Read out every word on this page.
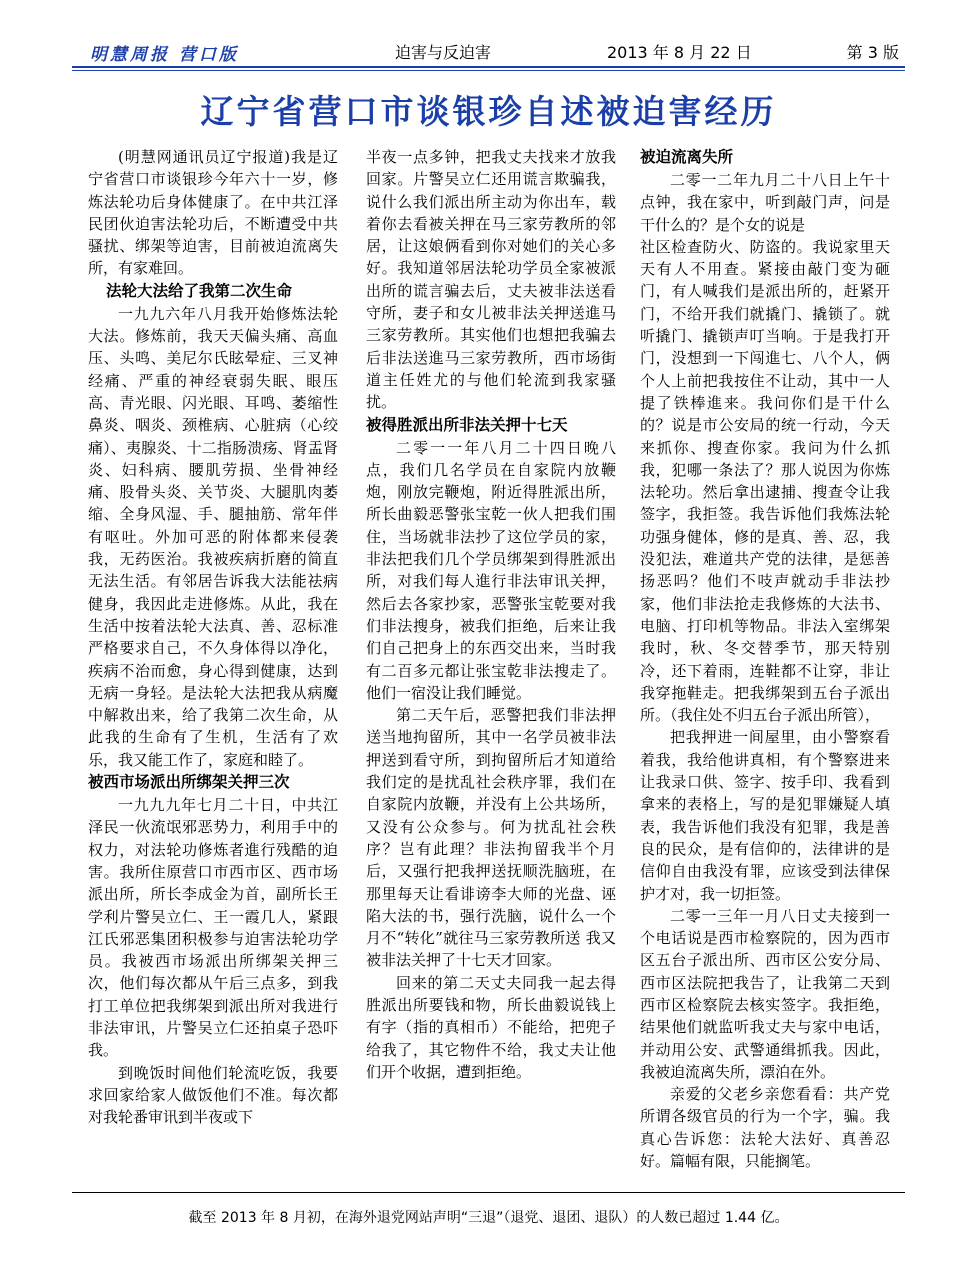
明慧周报 营口版	迫害与反迫害	2013 年 8 月 22 日	第 3 版
辽宁省营口市谈银珍自述被迫害经历

(明慧网通讯员辽宁报道)我是辽宁省营口市谈银珍今年六十一岁，修炼法轮功后身体健康了。在中共江泽民团伙迫害法轮功后，不断遭受中共骚扰、绑架等迫害，目前被迫流离失所，有家难回。

法轮大法给了我第二次生命

一九九六年八月我开始修炼法轮大法。修炼前，我天天偏头痛、高血压、头鸣、美尼尔氏眩晕症、三叉神经痛、严重的神经衰弱失眠、眼压高、青光眼、闪光眼、耳鸣、萎缩性鼻炎、咽炎、颈椎病、心脏病（心绞痛）、夷腺炎、十二指肠溃疡、肾盂肾炎、妇科病、腰肌劳损、坐骨神经痛、股骨头炎、关节炎、大腿肌肉萎缩、全身风湿、手、腿抽筋、常年伴有呕吐。外加可恶的附体都来侵袭我，无药医治。我被疾病折磨的简直无法生活。有邻居告诉我大法能祛病健身，我因此走进修炼。从此，我在生活中按着法轮大法真、善、忍标准严格要求自己，不久身体得以净化，疾病不治而愈，身心得到健康，达到无病一身轻。是法轮大法把我从病魔中解救出来，给了我第二次生命，从此我的生命有了生机，生活有了欢乐，我又能工作了，家庭和睦了。

被西市场派出所绑架关押三次

一九九九年七月二十日，中共江泽民一伙流氓邪恶势力，利用手中的权力，对法轮功修炼者進行残酷的迫害。我所住原营口市西市区、西市场派出所，所长李成金为首，副所长王学利片警吴立仁、王一霞几人，紧跟江氏邪恶集团积极参与迫害法轮功学员。我被西市场派出所绑架关押三次，他们每次都从午后三点多，到我打工单位把我绑架到派出所对我进行非法审讯，片警吴立仁还拍桌子恐吓我。

到晚饭时间他们轮流吃饭，我要求回家给家人做饭他们不准。每次都对我轮番审讯到半夜或下

半夜一点多钟，把我丈夫找来才放我回家。片警吴立仁还用谎言欺骗我，说什么我们派出所主动为你出车，载着你去看被关押在马三家劳教所的邻居，让这娘俩看到你对她们的关心多好。我知道邻居法轮功学员全家被派出所的谎言骗去后，丈夫被非法送看守所，妻子和女儿被非法关押送進马三家劳教所。其实他们也想把我骗去后非法送進马三家劳教所，西市场街道主任姓尤的与他们轮流到我家骚扰。

被得胜派出所非法关押十七天

二零一一年八月二十四日晚八点，我们几名学员在自家院内放鞭炮，刚放完鞭炮，附近得胜派出所，所长曲毅恶警张宝乾一伙人把我们围住，当场就非法抄了这位学员的家，非法把我们几个学员绑架到得胜派出所，对我们每人進行非法审讯关押，然后去各家抄家，恶警张宝乾要对我们非法搜身，被我们拒绝，后来让我们自己把身上的东西交出来，当时我有二百多元都让张宝乾非法搜走了。他们一宿没让我们睡觉。

第二天午后，恶警把我们非法押送当地拘留所，其中一名学员被非法押送到看守所，到拘留所后才知道给我们定的是扰乱社会秩序罪，我们在自家院内放鞭，并没有上公共场所，又没有公众参与。何为扰乱社会秩序？岂有此理？非法拘留我半个月后，又强行把我押送抚顺洗脑班，在那里每天让看诽谤李大师的光盘、诬陷大法的书，强行洗脑，说什么一个月不“转化”就往马三家劳教所送 我又被非法关押了十七天才回家。

回来的第二天丈夫同我一起去得胜派出所要钱和物，所长曲毅说钱上有字（指的真相币）不能给，把兜子给我了，其它物件不给，我丈夫让他们开个收据，遭到拒绝。

被迫流离失所

二零一二年九月二十八日上午十点钟，我在家中，听到敲门声，问是干什么的？是个女的说是

社区检查防火、防盗的。我说家里天天有人不用查。紧接由敲门变为砸门，有人喊我们是派出所的，赶紧开门，不给开我们就撬门、撬锁了。就听撬门、撬锁声叮当响。于是我打开门，没想到一下闯進七、八个人，俩个人上前把我按住不让动，其中一人提了铁棒進来。我问你们是干什么的？说是市公安局的统一行动，今天来抓你、搜查你家。我问为什么抓我，犯哪一条法了？那人说因为你炼法轮功。然后拿出逮捕、搜查令让我签字，我拒签。我告诉他们我炼法轮功强身健体，修的是真、善、忍，我没犯法，难道共产党的法律，是惩善扬恶吗？他们不吱声就动手非法抄家，他们非法抢走我修炼的大法书、电脑、打印机等物品。非法入室绑架我时，秋、冬交替季节，那天特别冷，还下着雨，连鞋都不让穿，非让我穿拖鞋走。把我绑架到五台子派出所。（我住处不归五台子派出所管），

把我押进一间屋里，由小警察看着我，我给他讲真相，有个警察进来让我录口供、签字、按手印、我看到拿来的表格上，写的是犯罪嫌疑人填表，我告诉他们我没有犯罪，我是善良的民众，是有信仰的，法律讲的是信仰自由我没有罪，应该受到法律保护才对，我一切拒签。

二零一三年一月八日丈夫接到一个电话说是西市检察院的，因为西市区五台子派出所、西市区公安分局、西市区法院把我告了，让我第二天到西市区检察院去核实签字。我拒绝，结果他们就监听我丈夫与家中电话，并动用公安、武警通缉抓我。因此，我被迫流离失所，漂泊在外。

亲爱的父老乡亲您看看：共产党所谓各级官员的行为一个字，骗。我真心告诉您：法轮大法好、真善忍好。篇幅有限，只能搁笔。

截至 2013 年 8 月初，在海外退党网站声明“三退”（退党、退团、退队）的人数已超过 1.44 亿。
